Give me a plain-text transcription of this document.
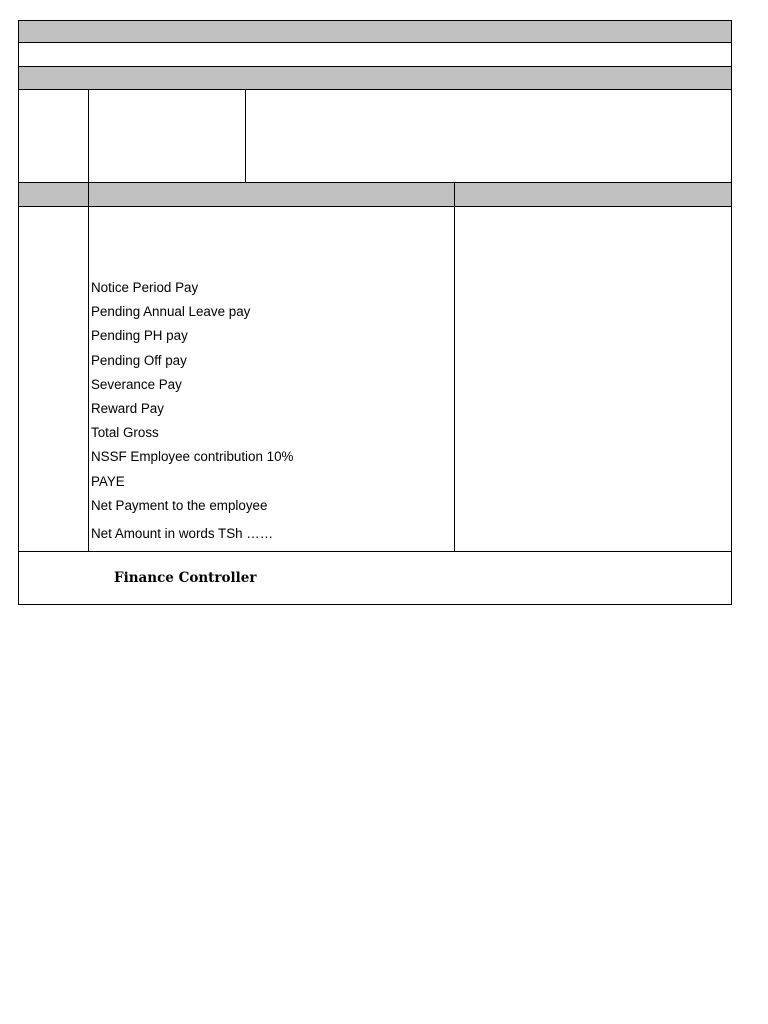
Notice Period Pay
Pending Annual Leave pay
Pending PH pay
Pending Off pay
Severance Pay
Reward Pay
Total Gross
NSSF Employee contribution 10%
PAYE
Net Payment to the employee
Net Amount in words TSh ……
Finance Controller
